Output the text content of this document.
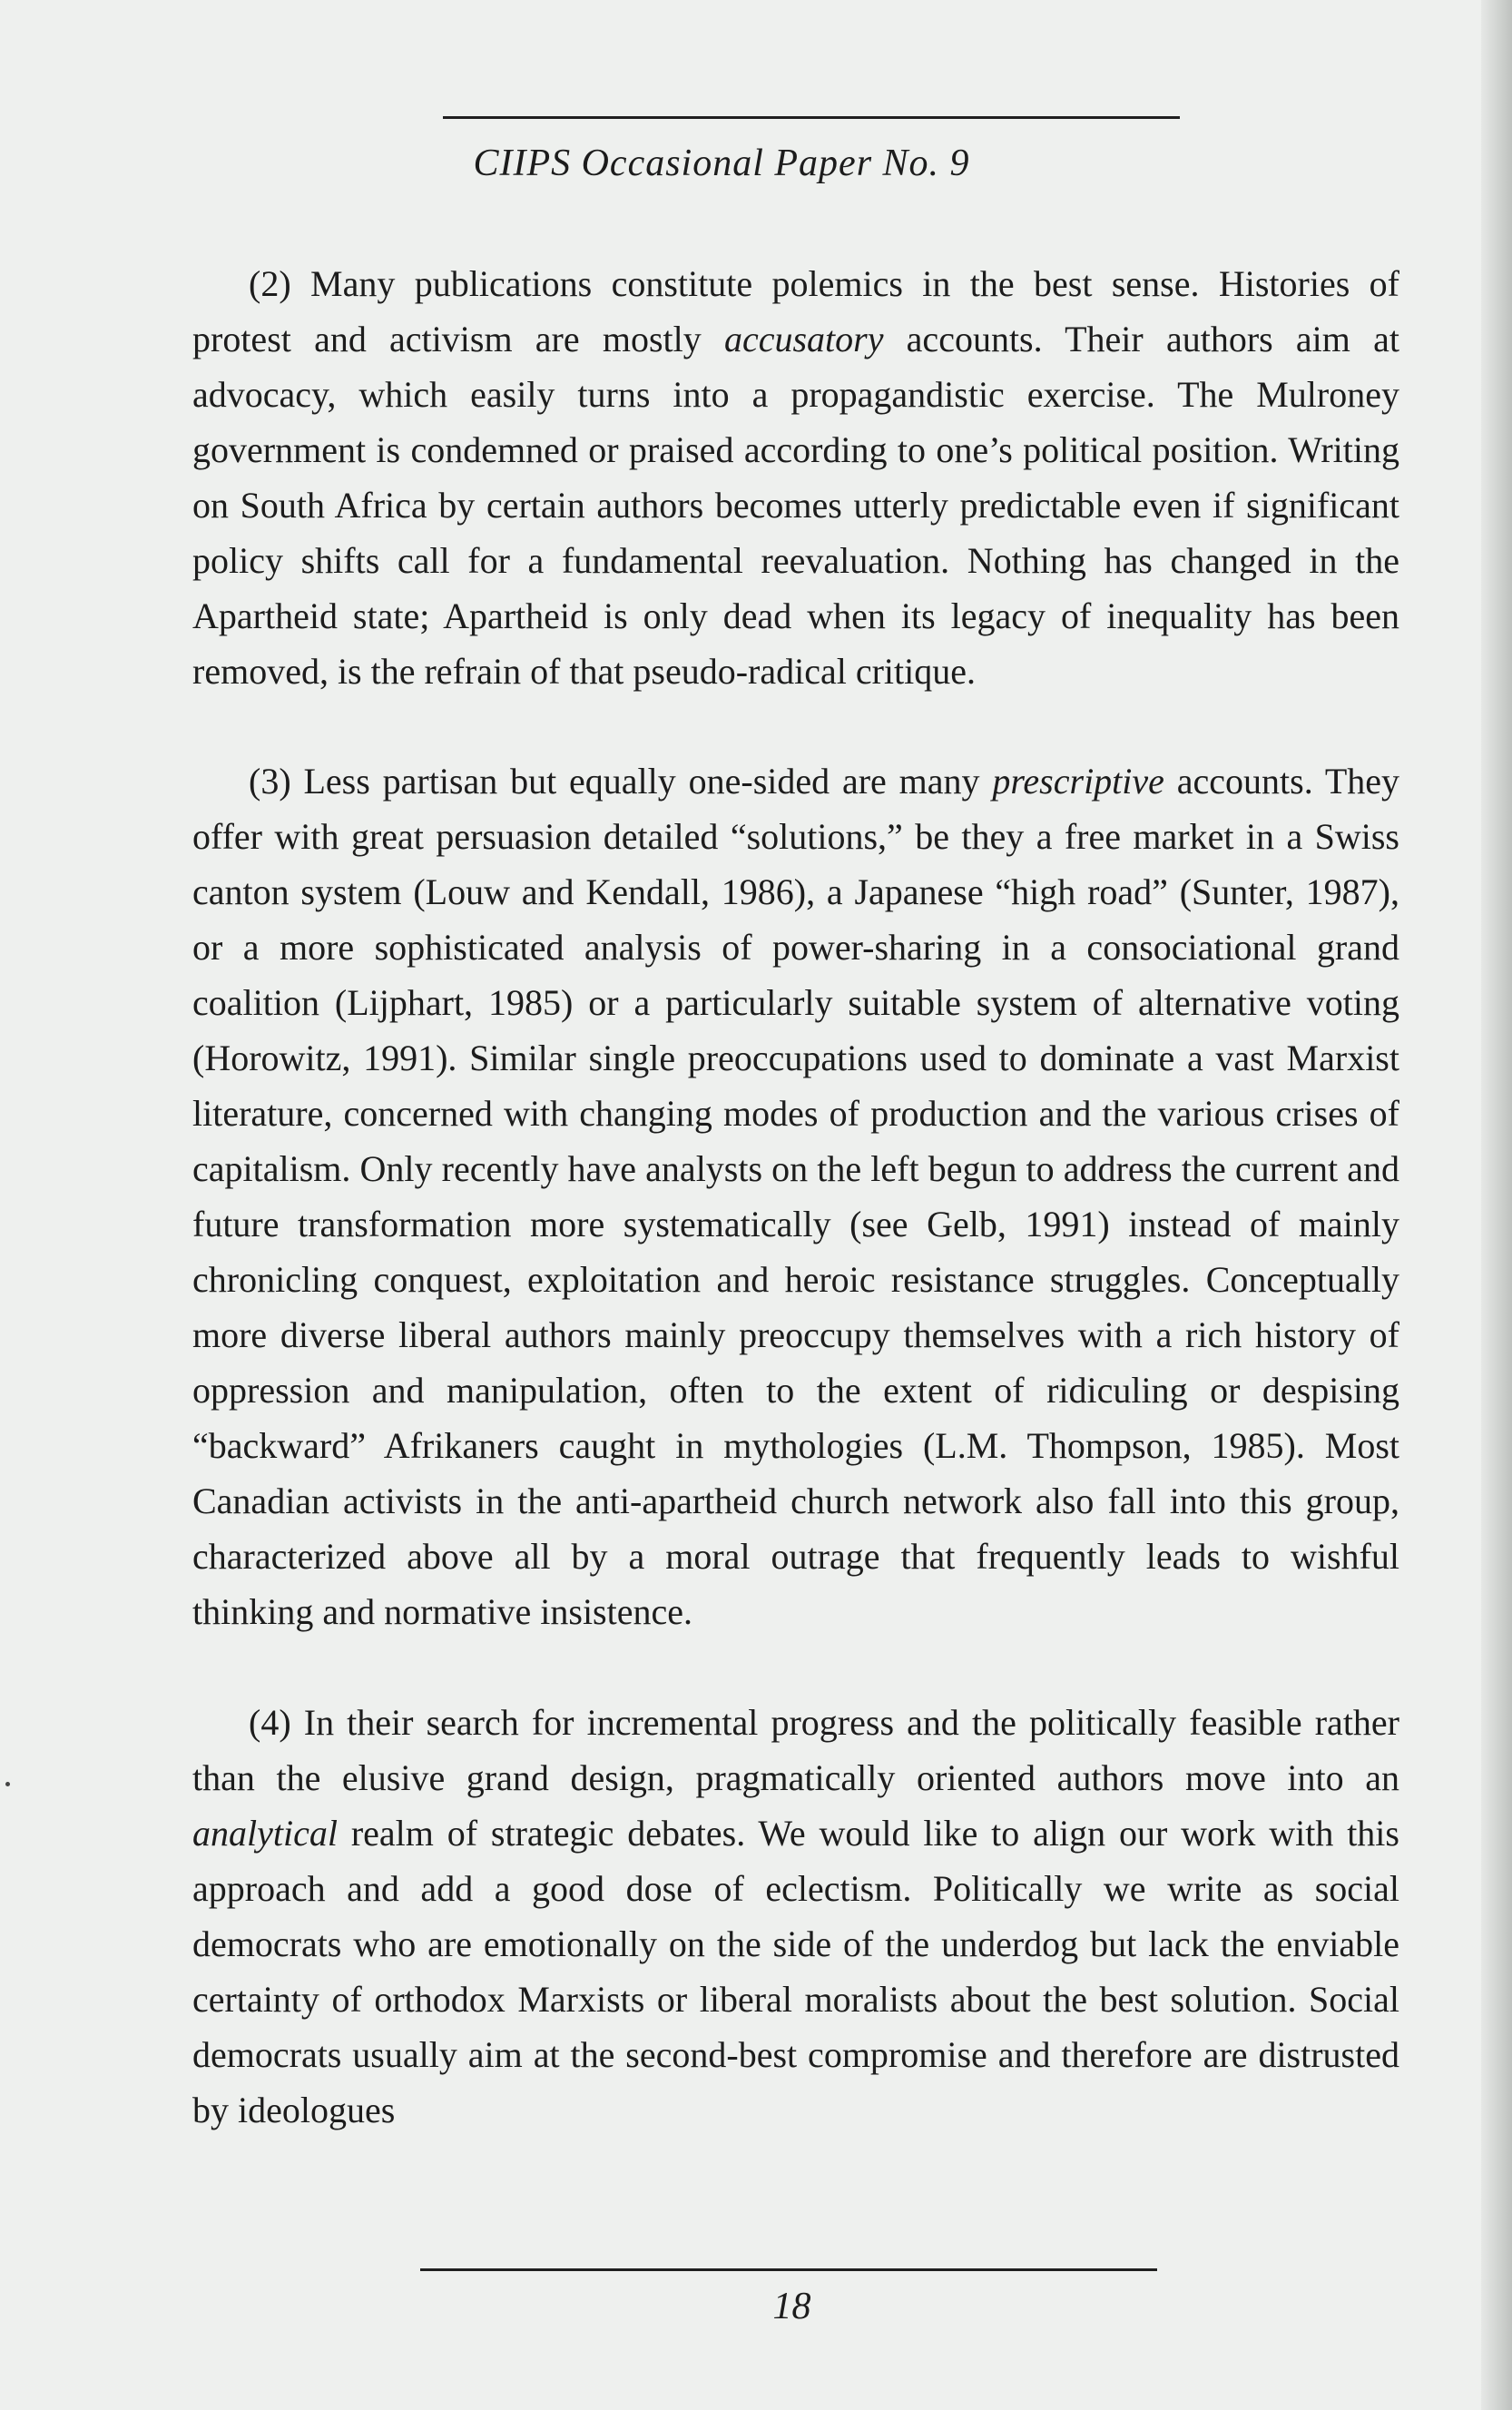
CIIPS Occasional Paper No. 9

(2) Many publications constitute polemics in the best sense. Histories of protest and activism are mostly accusatory accounts. Their authors aim at advocacy, which easily turns into a propagandistic exercise. The Mulroney government is condemned or praised according to one’s political position. Writing on South Africa by certain authors becomes utterly predictable even if significant policy shifts call for a fundamental reevaluation. Nothing has changed in the Apartheid state; Apartheid is only dead when its legacy of inequality has been removed, is the refrain of that pseudo-radical critique.

(3) Less partisan but equally one-sided are many prescriptive accounts. They offer with great persuasion detailed “solutions,” be they a free market in a Swiss canton system (Louw and Kendall, 1986), a Japanese “high road” (Sunter, 1987), or a more sophisticated analysis of power-sharing in a consociational grand coalition (Lijphart, 1985) or a particularly suitable system of alternative voting (Horowitz, 1991). Similar single preoccupations used to dominate a vast Marxist literature, concerned with changing modes of production and the various crises of capitalism. Only recently have analysts on the left begun to address the current and future transformation more systematically (see Gelb, 1991) instead of mainly chronicling conquest, exploitation and heroic resistance struggles. Conceptually more diverse liberal authors mainly preoccupy themselves with a rich history of oppression and manipulation, often to the extent of ridiculing or despising “backward” Afrikaners caught in mythologies (L.M. Thompson, 1985). Most Canadian activists in the anti-apartheid church network also fall into this group, characterized above all by a moral outrage that frequently leads to wishful thinking and normative insistence.

(4) In their search for incremental progress and the politically feasible rather than the elusive grand design, pragmatically oriented authors move into an analytical realm of strategic debates. We would like to align our work with this approach and add a good dose of eclectism. Politically we write as social democrats who are emotionally on the side of the underdog but lack the enviable certainty of orthodox Marxists or liberal moralists about the best solution. Social democrats usually aim at the second-best compromise and therefore are distrusted by ideologues

18
